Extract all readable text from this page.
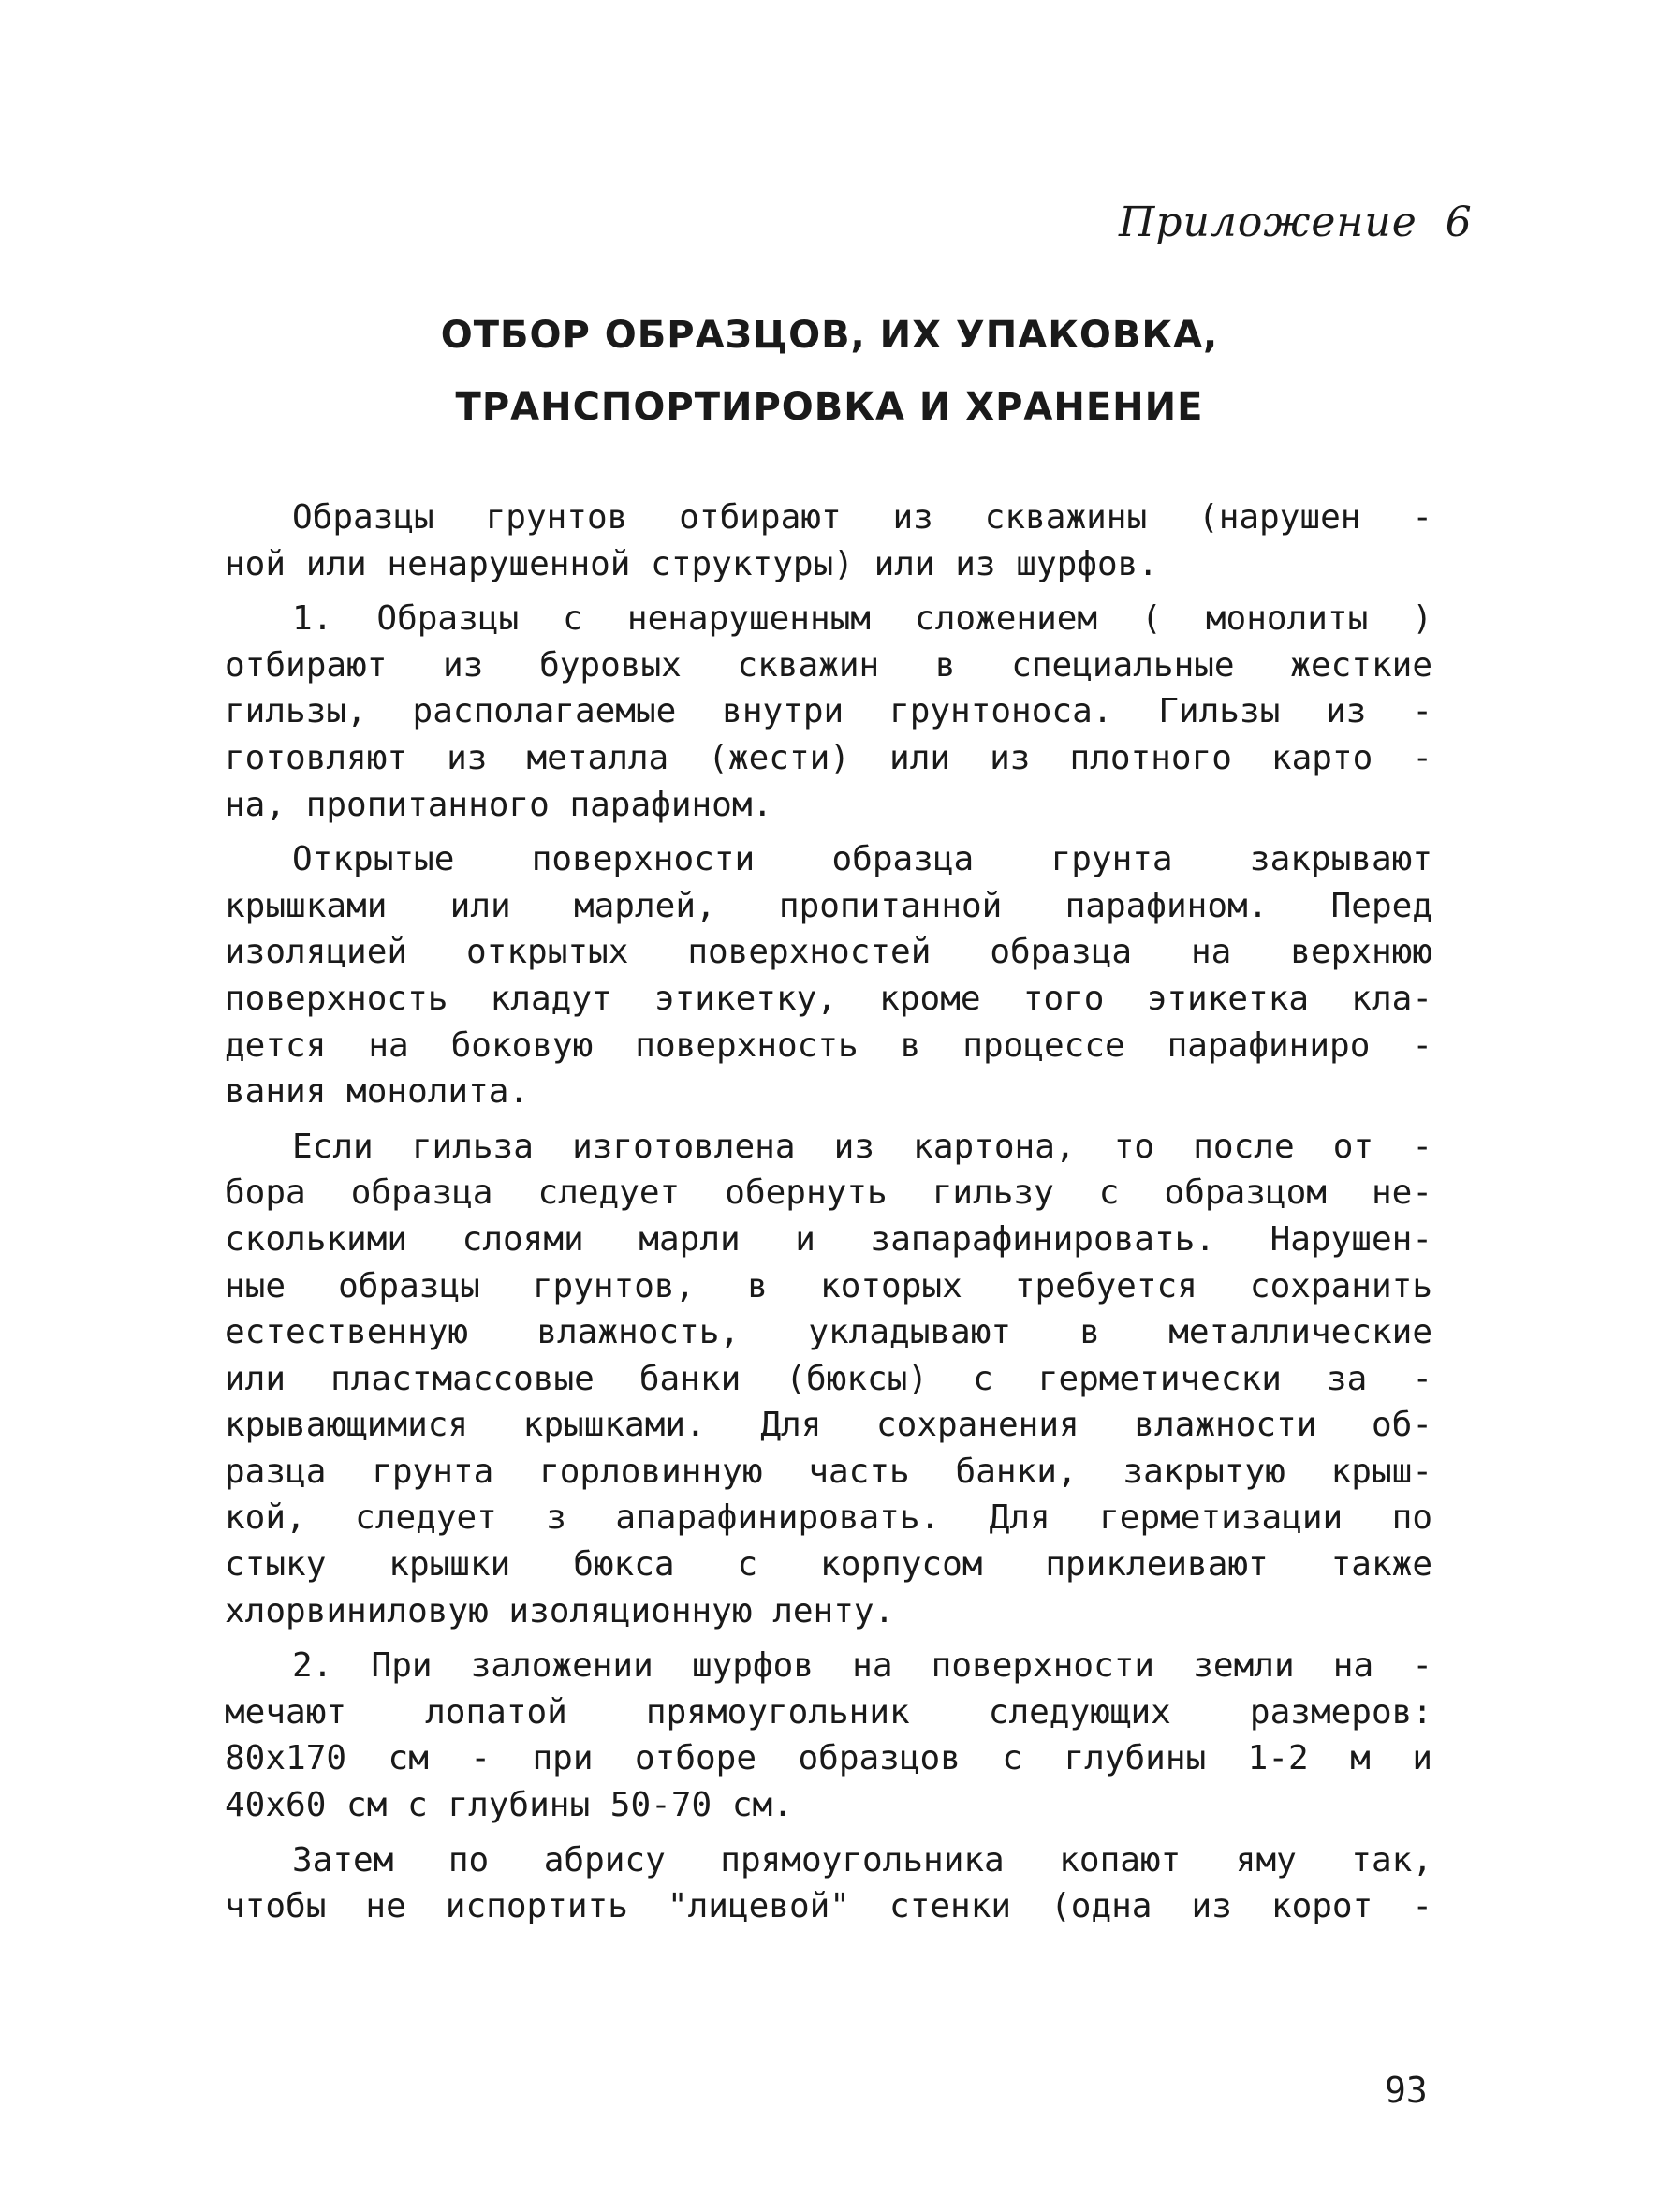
Приложение 6
ОТБОР ОБРАЗЦОВ, ИХ УПАКОВКА,
ТРАНСПОРТИРОВКА И ХРАНЕНИЕ
Образцы грунтов отбирают из скважины (нарушен -
ной или ненарушенной структуры) или из шурфов.
1. Образцы с ненарушенным сложением ( монолиты )
отбирают из буровых скважин в специальные жесткие
гильзы, располагаемые внутри грунтоноса. Гильзы из -
готовляют из металла (жести) или из плотного карто -
на, пропитанного парафином.
Открытые поверхности образца грунта закрывают
крышками или марлей, пропитанной парафином. Перед
изоляцией открытых поверхностей образца на верхнюю
поверхность кладут этикетку, кроме того этикетка кла-
дется на боковую поверхность в процессе парафиниро -
вания монолита.
Если гильза изготовлена из картона, то после от -
бора образца следует обернуть гильзу с образцом не-
сколькими слоями марли и запарафинировать. Нарушен-
ные образцы грунтов, в которых требуется сохранить
естественную влажность, укладывают в металлические
или пластмассовые банки (бюксы) с герметически за -
крывающимися крышками. Для сохранения влажности об-
разца грунта горловинную часть банки, закрытую крыш-
кой, следует з апарафинировать. Для герметизации по
стыку крышки бюкса с корпусом приклеивают также
хлорвиниловую изоляционную ленту.
2. При заложении шурфов на поверхности земли на -
мечают лопатой прямоугольник следующих размеров:
80x170 см - при отборе образцов с глубины 1-2 м и
40x60 см с глубины 50-70 см.
Затем по абрису прямоугольника копают яму так,
чтобы не испортить "лицевой" стенки (одна из корот -
93
